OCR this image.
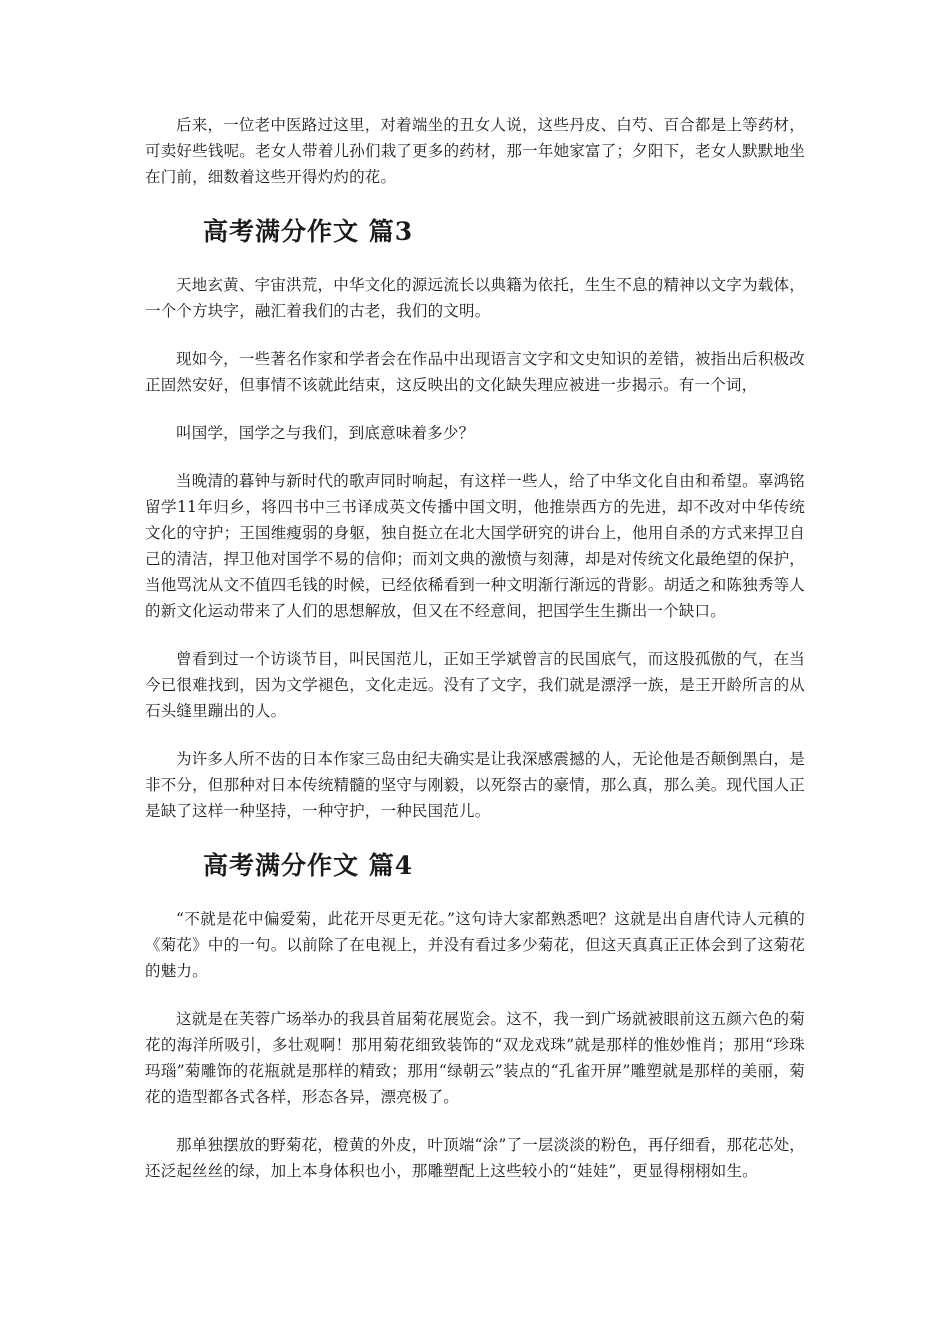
后来，一位老中医路过这里，对着端坐的丑女人说，这些丹皮、白芍、百合都是上等药材，可卖好些钱呢。老女人带着儿孙们栽了更多的药材，那一年她家富了；夕阳下，老女人默默地坐在门前，细数着这些开得灼灼的花。

高考满分作文 篇3

天地玄黄、宇宙洪荒，中华文化的源远流长以典籍为依托，生生不息的精神以文字为载体，一个个方块字，融汇着我们的古老，我们的文明。

现如今，一些著名作家和学者会在作品中出现语言文字和文史知识的差错，被指出后积极改正固然安好，但事情不该就此结束，这反映出的文化缺失理应被进一步揭示。有一个词，

叫国学，国学之与我们，到底意味着多少？

当晚清的暮钟与新时代的歌声同时响起，有这样一些人，给了中华文化自由和希望。辜鸿铭留学11年归乡，将四书中三书译成英文传播中国文明，他推崇西方的先进，却不改对中华传统文化的守护；王国维瘦弱的身躯，独自挺立在北大国学研究的讲台上，他用自杀的方式来捍卫自己的清洁，捍卫他对国学不易的信仰；而刘文典的激愤与刻薄，却是对传统文化最绝望的保护，当他骂沈从文不值四毛钱的时候，已经依稀看到一种文明渐行渐远的背影。胡适之和陈独秀等人的新文化运动带来了人们的思想解放，但又在不经意间，把国学生生撕出一个缺口。

曾看到过一个访谈节目，叫民国范儿，正如王学斌曾言的民国底气，而这股孤傲的气，在当今已很难找到，因为文学褪色，文化走远。没有了文字，我们就是漂浮一族，是王开龄所言的从石头缝里蹦出的人。

为许多人所不齿的日本作家三岛由纪夫确实是让我深感震撼的人，无论他是否颠倒黑白，是非不分，但那种对日本传统精髓的坚守与刚毅，以死祭古的豪情，那么真，那么美。现代国人正是缺了这样一种坚持，一种守护，一种民国范儿。

高考满分作文 篇4

“不就是花中偏爱菊，此花开尽更无花。”这句诗大家都熟悉吧？这就是出自唐代诗人元稹的《菊花》中的一句。以前除了在电视上，并没有看过多少菊花，但这天真真正正体会到了这菊花的魅力。

这就是在芙蓉广场举办的我县首届菊花展览会。这不，我一到广场就被眼前这五颜六色的菊花的海洋所吸引，多壮观啊！那用菊花细致装饰的“双龙戏珠”就是那样的惟妙惟肖；那用“珍珠玛瑙”菊雕饰的花瓶就是那样的精致；那用“绿朝云”装点的“孔雀开屏”雕塑就是那样的美丽，菊花的造型都各式各样，形态各异，漂亮极了。

那单独摆放的野菊花，橙黄的外皮，叶顶端“涂”了一层淡淡的粉色，再仔细看，那花芯处，还泛起丝丝的绿，加上本身体积也小，那雕塑配上这些较小的“娃娃”，更显得栩栩如生。
